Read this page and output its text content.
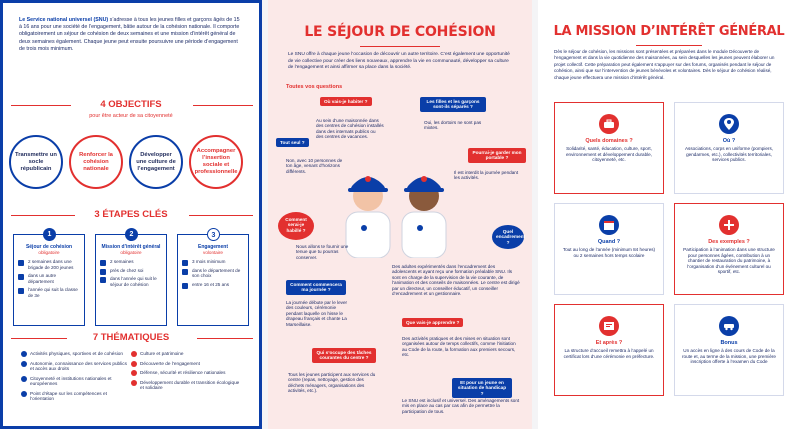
Le Service national universel (SNU) s’adresse à tous les jeunes filles et garçons âgés de 15 à 16 ans pour une société de l’engagement, bâtie autour de la cohésion nationale. Il comporte obligatoirement un séjour de cohésion de deux semaines et une mission d’intérêt général de deux semaines également. Chaque jeune peut ensuite poursuivre une période d’engagement de trois mois minimum.
4 OBJECTIFS
pour être acteur de sa citoyenneté
Transmettre un socle républicain
Renforcer la cohésion nationale
Développer une culture de l’engagement
Accompagner l’insertion sociale et professionnelle
3 ÉTAPES CLÉS
1
Séjour de cohésion
obligatoire
2 semaines dans une brigade de 200 jeunes
dans un autre département
l’année qui suit la classe de 3e
2
Mission d’intérêt général
obligatoire
2 semaines
près de chez soi
dans l’année qui suit le séjour de cohésion
3
Engagement
volontaire
3 mois minimum
dans le département de son choix
entre 16 et 25 ans
7 THÉMATIQUES
Activités physiques, sportives et de cohésion
Autonomie, connaissance des services publics et accès aux droits
Citoyenneté et institutions nationales et européennes
Point d’étape sur les compétences et l’orientation
Culture et patrimoine
Découverte de l’engagement
Défense, sécurité et résilience nationales
Développement durable et transition écologique et solidaire
LE SÉJOUR DE COHÉSION
Le SNU offre à chaque jeune l’occasion de découvrir un autre territoire. C’est également une opportunité de vie collective pour créer des liens nouveaux, apprendre la vie en communauté, développer sa culture de l’engagement et ainsi affirmer sa place dans la société.
Toutes vos questions
Où vais-je habiter ?
Au sein d’une maisonnée dans des centres de cohésion installés dans des internats publics ou des centres de vacances.
Les filles et les garçons sont-ils séparés ?
Oui, les dortoirs ne sont pas mixtes.
Tout seul ?
Non, avec 10 personnes de ton âge, venant d’horizons différents.
Pourrai-je garder mon portable ?
Il est interdit la journée pendant les activités.
Comment serai-je habillé ?
Nous allons te fournir une tenue que tu pourras conserver.
Quel encadrement ?
Des adultes expérimentés dans l’encadrement des adolescents et ayant reçu une formation préalable SNU. Ils sont en charge de la supervision de la vie courante, de l’animation et des conseils de maisonnées. Le centre est dirigé par un directeur, un conseiller éducatif, un conseiller d’encadrement et un gestionnaire.
Comment commencera ma journée ?
La journée débute par le lever des couleurs, cérémonie pendant laquelle on hisse le drapeau français et chante La Marseillaise.	Que vais-je apprendre ?
Des activités pratiques et des mises en situation sont organisées autour de temps collectifs, comme l’initiation au Code de la route, la formation aux premiers secours, etc.
Qui s’occupe des tâches courantes du centre ?
Tous les jeunes participent aux services du centre (repas, nettoyage, gestion des déchets ménagers, organisations des activités, etc.).
Et pour un jeune en situation de handicap ?
Le SNU est inclusif et universel. Des aménagements sont mis en place au cas par cas afin de permettre la participation de tous.
LA MISSION D’INTÉRÊT GÉNÉRAL
Dès le séjour de cohésion, les missions sont présentées et préparées dans le module Découverte de l’engagement et dans la vie quotidienne des maisonnées, au sein desquelles les jeunes peuvent élaborer un projet collectif. Cette préparation peut également s’appuyer sur des forums, organisés pendant le séjour de cohésion, ainsi que sur l’intervention de jeunes bénévoles et volontaires. Dès le séjour de cohésion réalisé, chaque jeune effectuera une mission d’intérêt général.
Quels domaines ?

Solidarité, santé, éducation, culture, sport, environnement et développement durable, citoyenneté, etc.

Où ?

Associations, corps en uniforme (pompiers, gendarmes, etc.), collectivités territoriales, services publics.

Quand ?

Tout au long de l’année (minimum 84 heures) ou 2 semaines hors temps scolaire

Des exemples ?

Participation à l’animation dans une structure pour personnes âgées, contribution à un chantier de restauration du patrimoine, à l’organisation d’un événement culturel ou sportif, etc.

Et après ?

La structure d’accueil remettra à l’appelé un certificat lors d’une cérémonie en préfecture.

Bonus

Un accès en ligne à des cours de Code de la route et, au terme de la mission, une première inscription offerte à l’examen du Code
